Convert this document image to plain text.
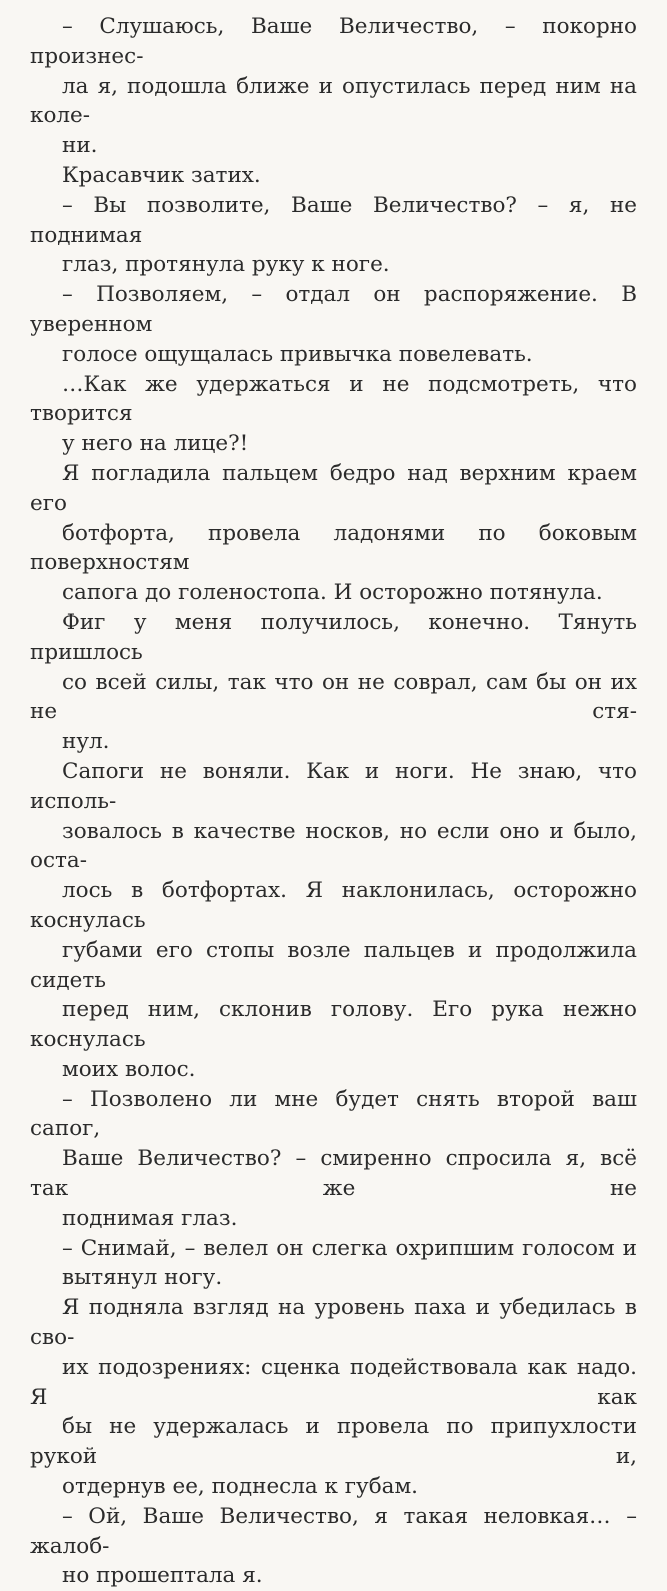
– Слушаюсь, Ваше Величество, – покорно произнес-
ла я, подошла ближе и опустилась перед ним на коле-
ни.

Красавчик затих.

– Вы позволите, Ваше Величество? – я, не поднимая
глаз, протянула руку к ноге.

– Позволяем, – отдал он распоряжение. В уверенном
голосе ощущалась привычка повелевать.

…Как же удержаться и не подсмотреть, что творится
у него на лице?!

Я погладила пальцем бедро над верхним краем его
ботфорта, провела ладонями по боковым поверхностям
сапога до голеностопа. И осторожно потянула.

Фиг у меня получилось, конечно. Тянуть пришлось
со всей силы, так что он не соврал, сам бы он их не стя-
нул.

Сапоги не воняли. Как и ноги. Не знаю, что исполь-
зовалось в качестве носков, но если оно и было, оста-
лось в ботфортах. Я наклонилась, осторожно коснулась
губами его стопы возле пальцев и продолжила сидеть
перед ним, склонив голову. Его рука нежно коснулась
моих волос.

– Позволено ли мне будет снять второй ваш сапог,
Ваше Величество? – смиренно спросила я, всё так же не
поднимая глаз.

– Снимай, – велел он слегка охрипшим голосом и
вытянул ногу.

Я подняла взгляд на уровень паха и убедилась в сво-
их подозрениях: сценка подействовала как надо. Я как
бы не удержалась и провела по припухлости рукой и,
отдернув ее, поднесла к губам.

– Ой, Ваше Величество, я такая неловкая… – жалоб-
но прошептала я.
